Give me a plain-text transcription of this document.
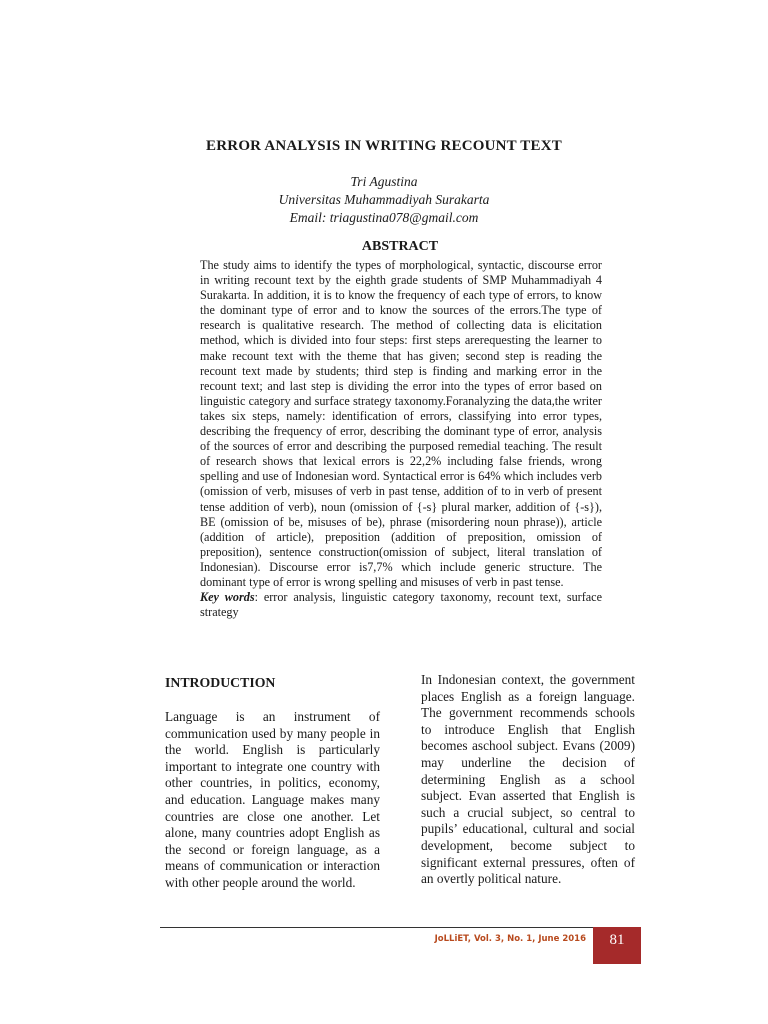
ERROR ANALYSIS IN WRITING RECOUNT TEXT
Tri Agustina
Universitas Muhammadiyah Surakarta
Email: triagustina078@gmail.com
ABSTRACT

The study aims to identify the types of morphological, syntactic, discourse error in writing recount text by the eighth grade students of SMP Muhammadiyah 4 Surakarta. In addition, it is to know the frequency of each type of errors, to know the dominant type of error and to know the sources of the errors.The type of research is qualitative research. The method of collecting data is elicitation method, which is divided into four steps: first steps arerequesting the learner to make recount text with the theme that has given; second step is reading the recount text made by students; third step is finding and marking error in the recount text; and last step is dividing the error into the types of error based on linguistic category and surface strategy taxonomy.Foranalyzing the data,the writer takes six steps, namely: identification of errors, classifying into error types, describing the frequency of error, describing the dominant type of error, analysis of the sources of error and describing the purposed remedial teaching. The result of research shows that lexical errors is 22,2% including false friends, wrong spelling and use of Indonesian word. Syntactical error is 64% which includes verb (omission of verb, misuses of verb in past tense, addition of to in verb of present tense addition of verb), noun (omission of {-s} plural marker, addition of {-s}), BE (omission of be, misuses of be), phrase (misordering noun phrase)), article (addition of article), preposition (addition of preposition, omission of preposition), sentence construction(omission of subject, literal translation of Indonesian). Discourse error is7,7% which include generic structure. The dominant type of error is wrong spelling and misuses of verb in past tense.

Key words: error analysis, linguistic category taxonomy, recount text, surface strategy

INTRODUCTION

Language is an instrument of communication used by many people in the world. English is particularly important to integrate one country with other countries, in politics, economy, and education. Language makes many countries are close one another. Let alone, many countries adopt English as the second or foreign language, as a means of communication or interaction with other people around the world.

In Indonesian context, the government places English as a foreign language. The government recommends schools to introduce English that English becomes aschool subject. Evans (2009) may underline the decision of determining English as a school subject. Evan asserted that English is such a crucial subject, so central to pupils’ educational, cultural and social development, become subject to significant external pressures, often of an overtly political nature.

JoLLiET, Vol. 3, No. 1, June 2016	81
